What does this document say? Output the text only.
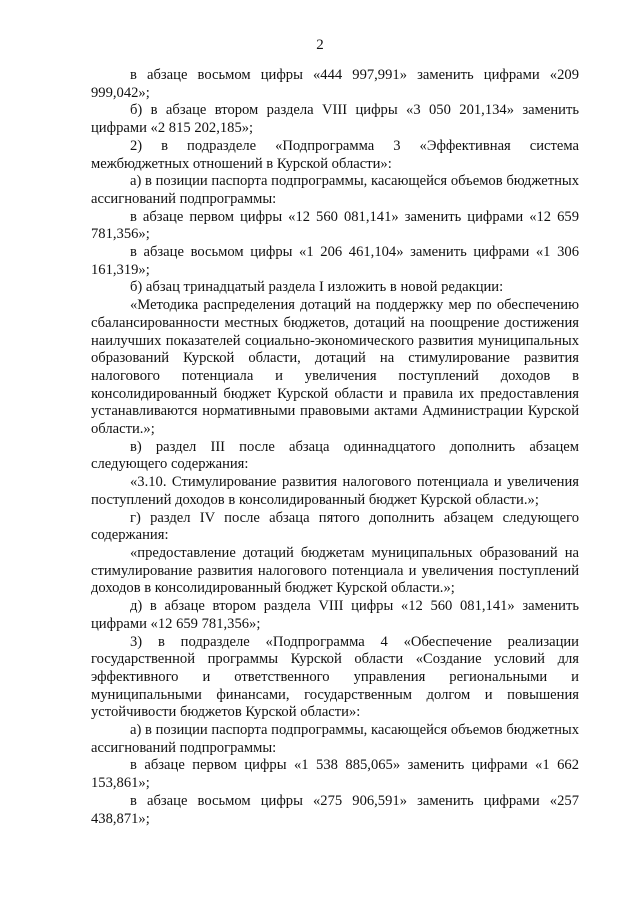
2

в абзаце восьмом цифры «444 997,991» заменить цифрами «209 999,042»;

б) в абзаце втором раздела VIII цифры «3 050 201,134» заменить цифрами «2 815 202,185»;

2) в подразделе «Подпрограмма 3 «Эффективная система межбюджетных отношений в Курской области»:

а) в позиции паспорта подпрограммы, касающейся объемов бюджетных ассигнований подпрограммы:

в абзаце первом цифры «12 560 081,141» заменить цифрами «12 659 781,356»;

в абзаце восьмом цифры «1 206 461,104» заменить цифрами «1 306 161,319»;

б) абзац тринадцатый раздела I изложить в новой редакции:

«Методика распределения дотаций на поддержку мер по обеспечению сбалансированности местных бюджетов, дотаций на поощрение достижения наилучших показателей социально-экономического развития муниципальных образований Курской области, дотаций на стимулирование развития налогового потенциала и увеличения поступлений доходов в консолидированный бюджет Курской области и правила их предоставления устанавливаются нормативными правовыми актами Администрации Курской области.»;

в) раздел III после абзаца одиннадцатого дополнить абзацем следующего содержания:

«3.10. Стимулирование развития налогового потенциала и увеличения поступлений доходов в консолидированный бюджет Курской области.»;

г) раздел IV после абзаца пятого дополнить абзацем следующего содержания:

«предоставление дотаций бюджетам муниципальных образований на стимулирование развития налогового потенциала и увеличения поступлений доходов в консолидированный бюджет Курской области.»;

д) в абзаце втором раздела VIII цифры «12 560 081,141» заменить цифрами «12 659 781,356»;

3) в подразделе «Подпрограмма 4 «Обеспечение реализации государственной программы Курской области «Создание условий для эффективного и ответственного управления региональными и муниципальными финансами, государственным долгом и повышения устойчивости бюджетов Курской области»:

а) в позиции паспорта подпрограммы, касающейся объемов бюджетных ассигнований подпрограммы:

в абзаце первом цифры «1 538 885,065» заменить цифрами «1 662 153,861»;

в абзаце восьмом цифры «275 906,591» заменить цифрами «257 438,871»;
